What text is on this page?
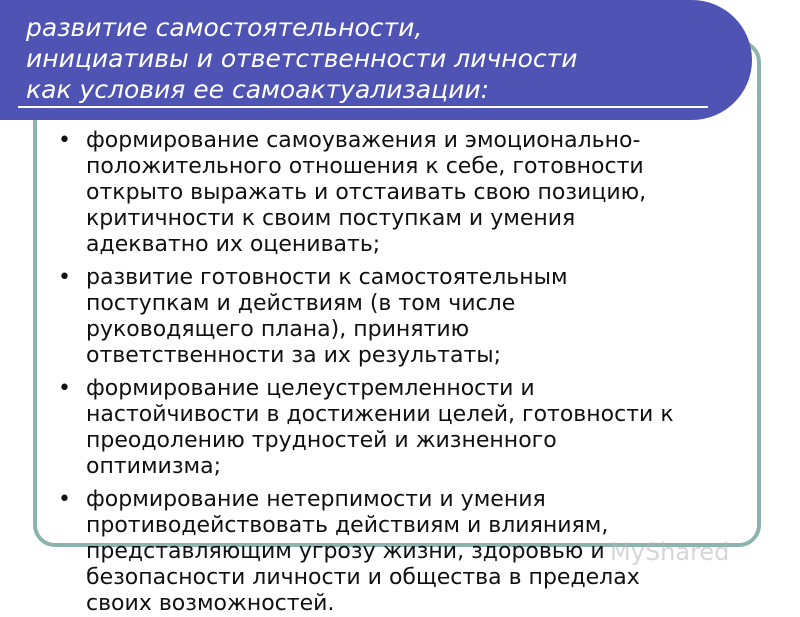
развитие самостоятельности,
инициативы и ответственности личности
как условия ее самоактуализации:
• формирование самоуважения и эмоционально-
положительного отношения к себе, готовности
открыто выражать и отстаивать свою позицию,
критичности к своим поступкам и умения
адекватно их оценивать;
• развитие готовности к самостоятельным
поступкам и действиям (в том числе
руководящего плана), принятию
ответственности за их результаты;
• формирование целеустремленности и
настойчивости в достижении целей, готовности к
преодолению трудностей и жизненного
оптимизма;
• формирование нетерпимости и умения
противодействовать действиям и влияниям,
представляющим угрозу жизни, здоровью и
безопасности личности и общества в пределах
своих возможностей.
MyShared
